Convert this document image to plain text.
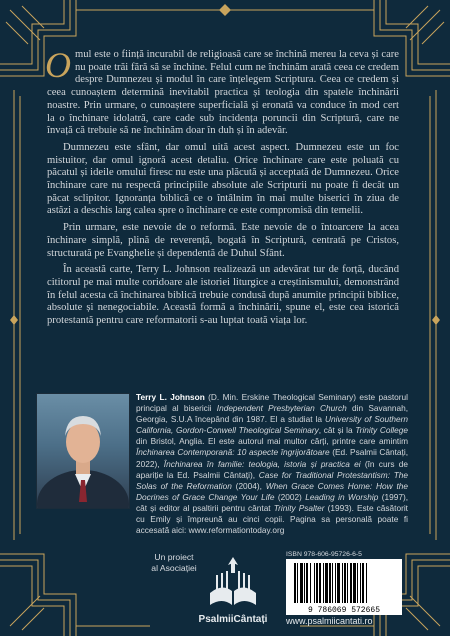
Omul este o ființă incurabil de religioasă care se închină mereu la ceva și care nu poate trăi fără să se închine. Felul cum ne închinăm arată ceea ce credem despre Dumnezeu și modul în care înțelegem Scriptura. Ceea ce credem și ceea cunoaștem determină inevitabil practica și teologia din spatele închinării noastre. Prin urmare, o cunoaștere superficială și eronată va conduce în mod cert la o închinare idolatră, care cade sub incidența poruncii din Scriptură, care ne învață că trebuie să ne închinăm doar în duh și în adevăr.

Dumnezeu este sfânt, dar omul uită acest aspect. Dumnezeu este un foc mistuitor, dar omul ignoră acest detaliu. Orice închinare care este poluată cu păcatul și ideile omului firesc nu este una plăcută și acceptată de Dumnezeu. Orice închinare care nu respectă principiile absolute ale Scripturii nu poate fi decât un păcat sclipitor. Ignoranța biblică ce o întâlnim în mai multe biserici în ziua de astăzi a deschis larg calea spre o închinare ce este compromisă din temelii.

Prin urmare, este nevoie de o reformă. Este nevoie de o întoarcere la acea închinare simplă, plină de reverență, bogată în Scriptură, centrată pe Cristos, structurată pe Evanghelie și dependentă de Duhul Sfânt.

În această carte, Terry L. Johnson realizează un adevărat tur de forță, ducând cititorul pe mai multe coridoare ale istoriei liturgice a creștinismului, demonstrând în felul acesta că închinarea biblică trebuie condusă după anumite principii biblice, absolute și nenegociabile. Această formă a închinării, spune el, este cea istorică protestantă pentru care reformatorii s-au luptat toată viața lor.

Terry L. Johnson (D. Min. Erskine Theological Seminary) este pastorul principal al bisericii Independent Presbyterian Church din Savannah, Georgia, S.U.A începând din 1987. El a studiat la University of Southern California, Gordon-Conwell Theological Seminary, cât și la Trinity College din Bristol, Anglia. El este autorul mai multor cărți, printre care amintim Închinarea Contemporană: 10 aspecte îngrijorătoare (Ed. Psalmii Cântați, 2022), Închinarea în familie: teologia, istoria și practica ei (în curs de apariție la Ed. Psalmii Cântați), Case for Traditional Protestantism: The Solas of the Reformation (2004), When Grace Comes Home: How the Docrines of Grace Change Your Life (2002) Leading in Worship (1997), cât și editor al psaltirii pentru cântat Trinity Psalter (1993). Este căsătorit cu Emily și împreună au cinci copii. Pagina sa personală poate fi accesată aici: www.reformationtoday.org
Un proiect
al Asociației
PsalmiiCântați
ISBN 978-606-95726-6-5
9 786069 572665
www.psalmiicantati.ro
